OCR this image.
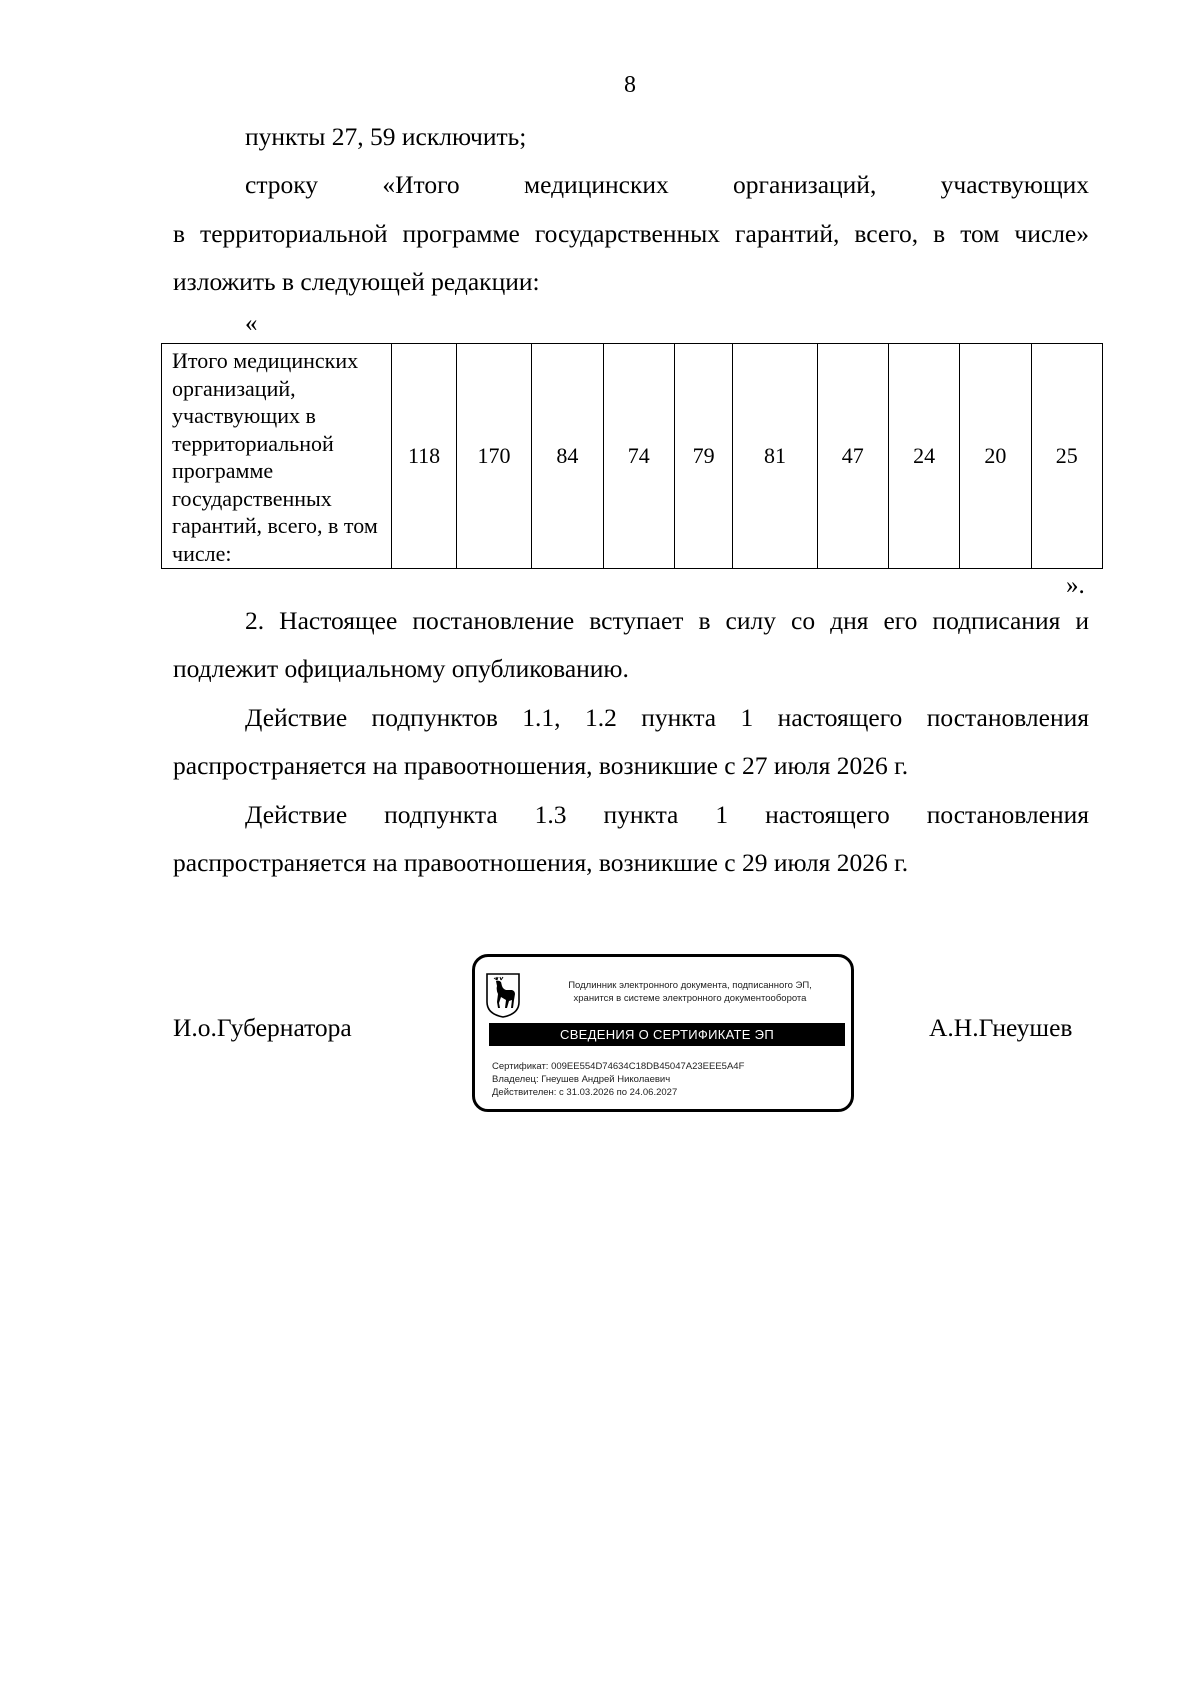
8
пункты 27, 59 исключить;
строку «Итого медицинских организаций, участвующих
в территориальной программе государственных гарантий, всего, в том числе» изложить в следующей редакции:
«
Итого медицинских организаций, участвующих в территориальной программе государственных гарантий, всего, в том числе:	118	170	84	74	79	81	47	24	20	25
».
2. Настоящее постановление вступает в силу со дня его подписания и подлежит официальному опубликованию.
Действие подпунктов 1.1, 1.2 пункта 1 настоящего постановления распространяется на правоотношения, возникшие с 27 июля 2026 г.
Действие подпункта 1.3 пункта 1 настоящего постановления распространяется на правоотношения, возникшие с 29 июля 2026 г.
И.о.Губернатора	А.Н.Гнеушев
Подлинник электронного документа, подписанного ЭП,
хранится в системе электронного документооборота
СВЕДЕНИЯ О СЕРТИФИКАТЕ ЭП
Сертификат: 009EE554D74634C18DB45047A23EEE5A4F
Владелец: Гнеушев Андрей Николаевич
Действителен: с 31.03.2026 по 24.06.2027
